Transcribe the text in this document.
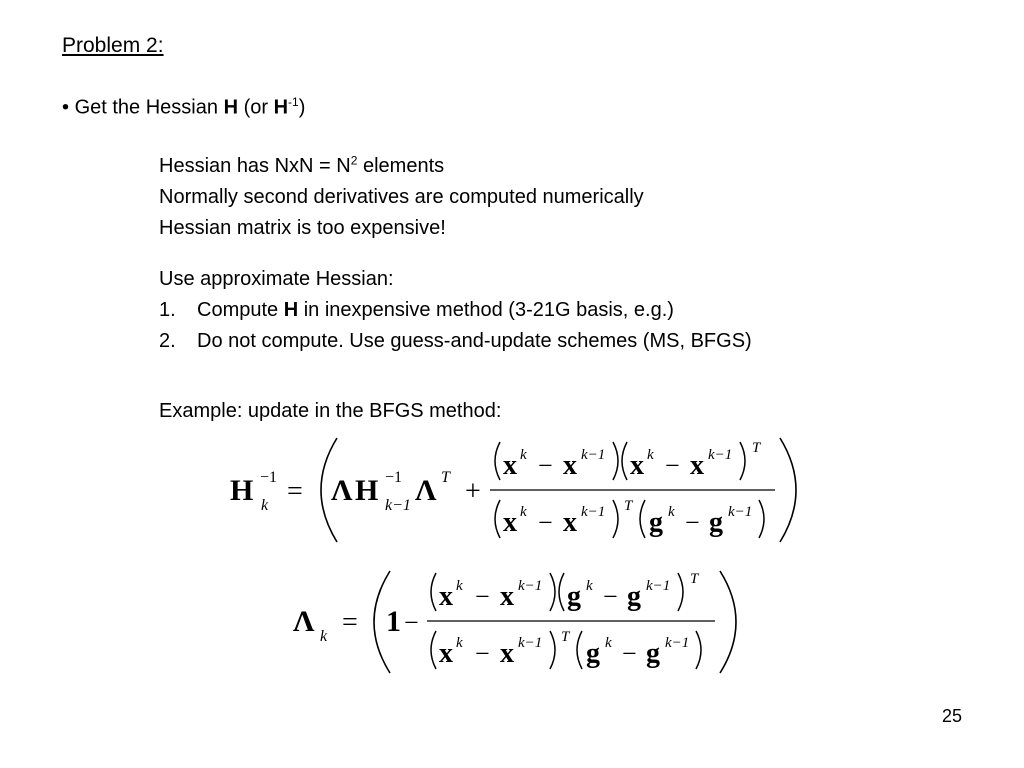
Problem 2:
• Get the Hessian H (or $H^{-1}$)
Hessian has NxN = $N^2$ elements
Normally second derivatives are computed numerically
Hessian matrix is too expensive!
Use approximate Hessian:
1.	Compute H in inexpensive method (3-21G basis, e.g.)
2.	Do not compute. Use guess-and-update schemes (MS, BFGS)
Example: update in the BFGS method:
H −1
k = Λ H −1
k−1 Λ T +
x k − x k−1 x k − x k−1 T
x k − x k−1 T
g k − g k−1
Λ k = 1 −
x k − x k−1 g k − g k−1 T
x k − x k−1 T
g k − g k−1
25
